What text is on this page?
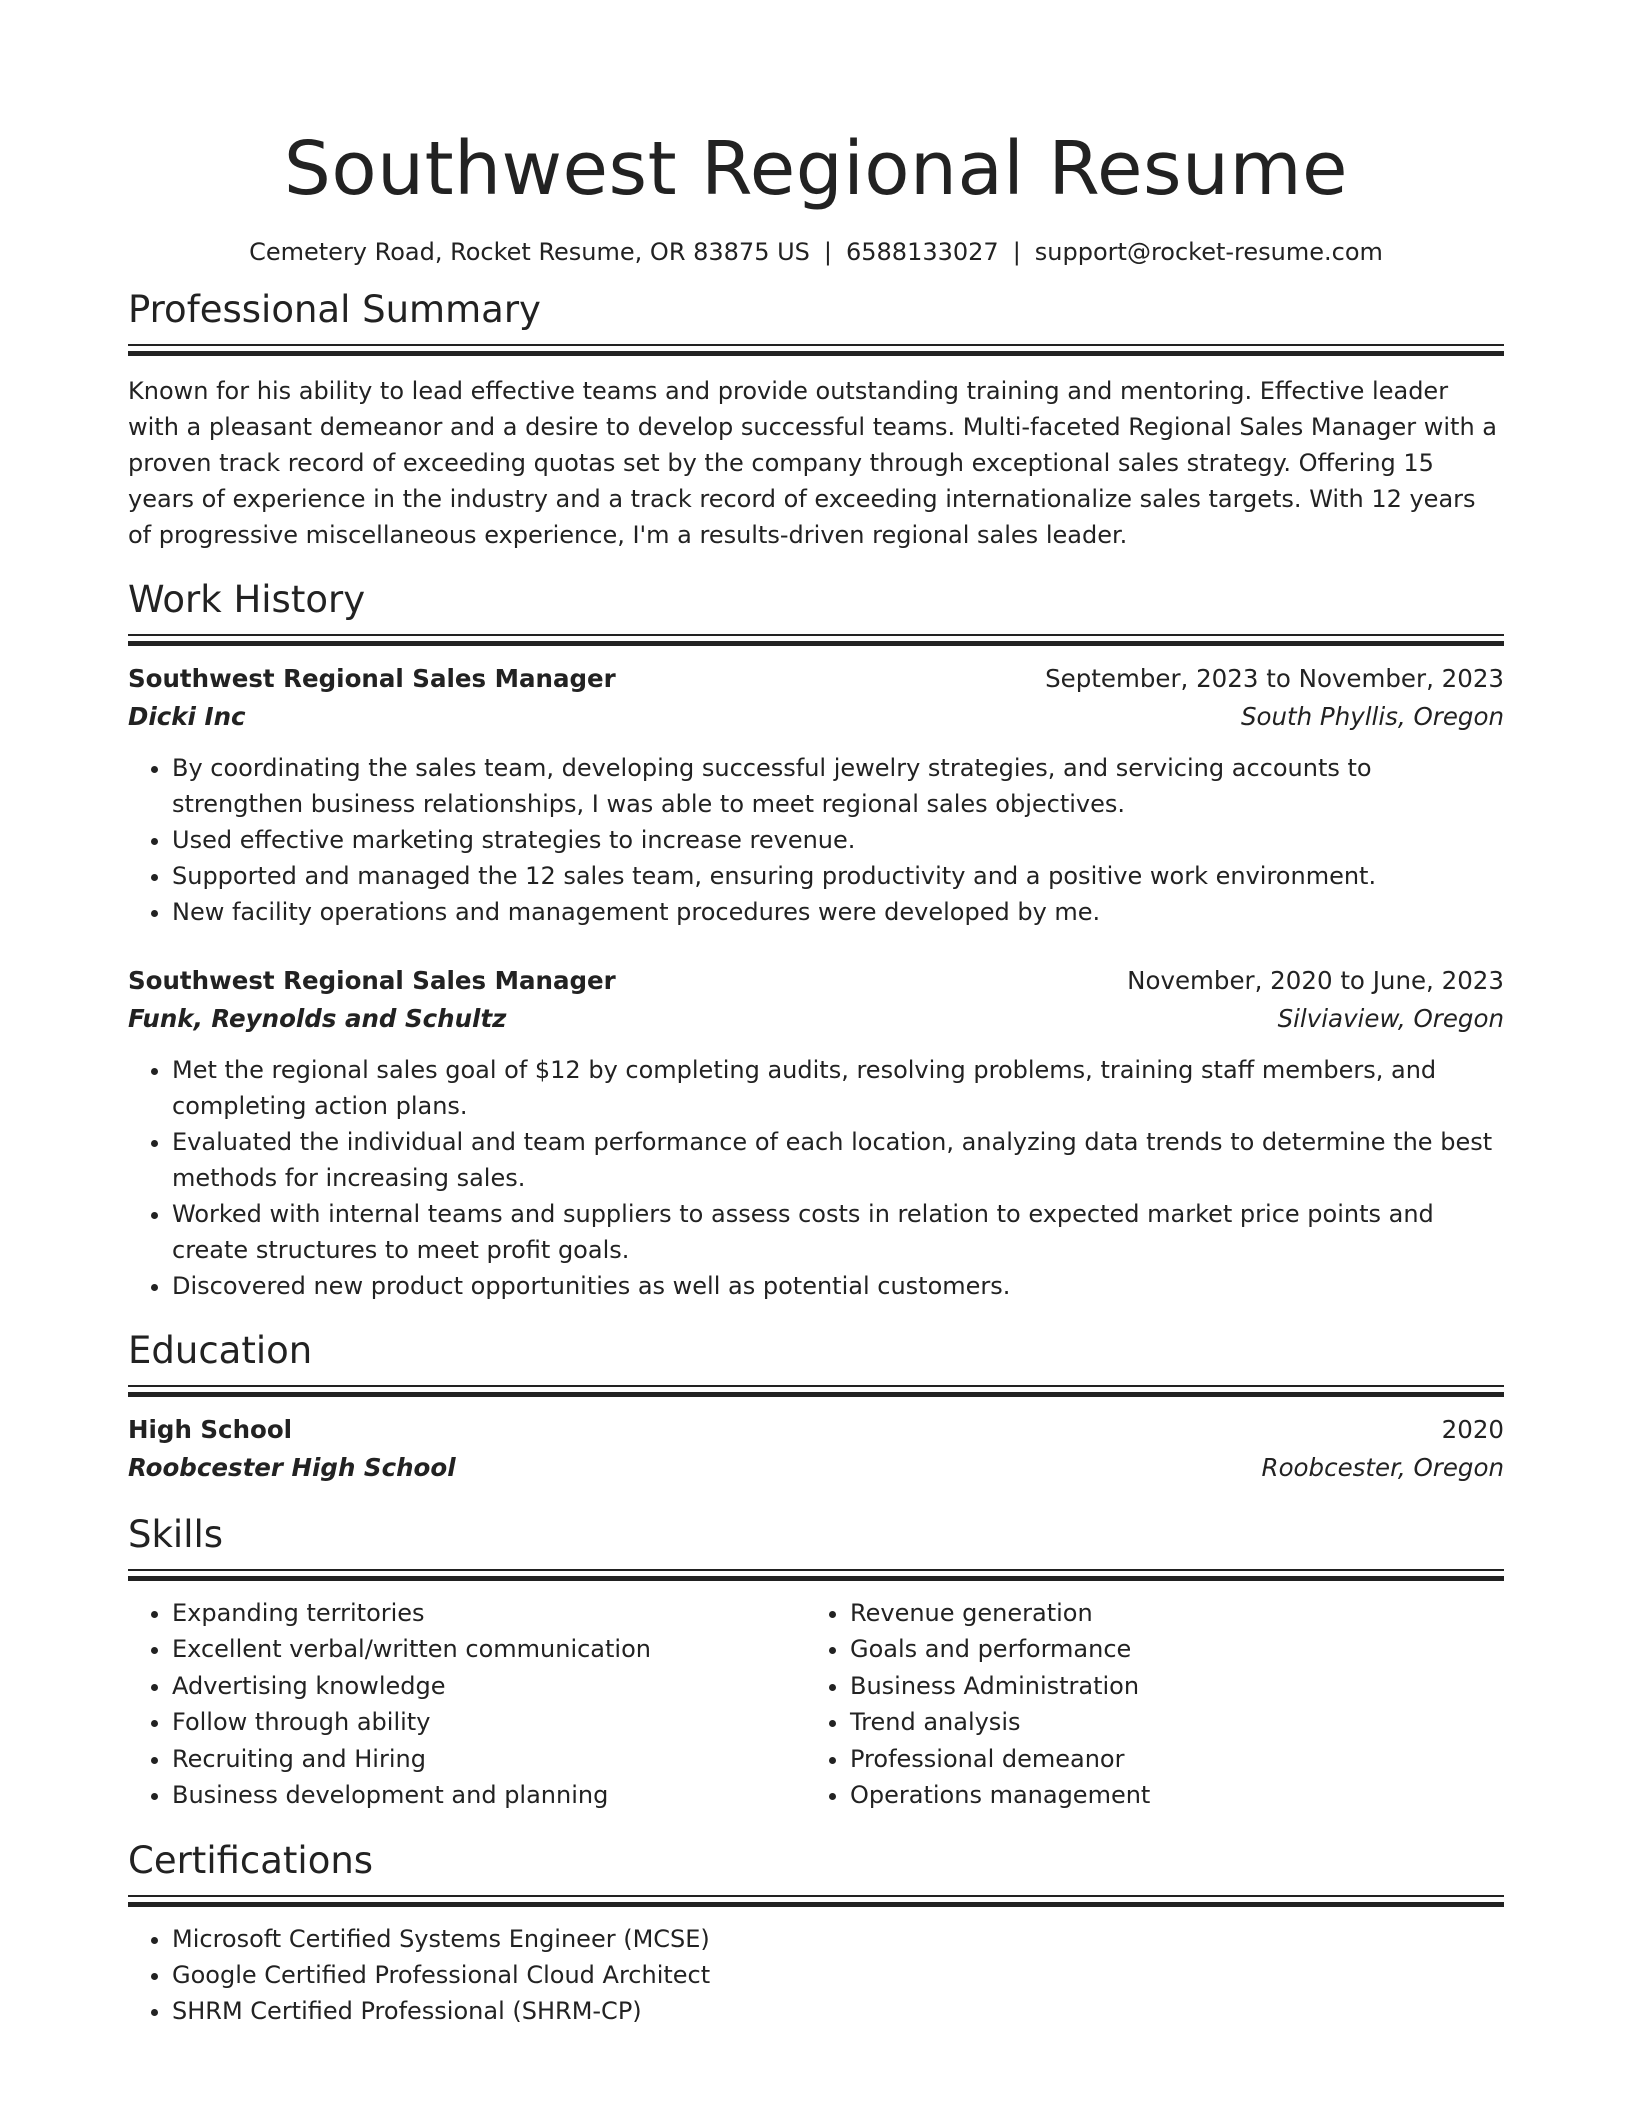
Southwest Regional Resume
Cemetery Road, Rocket Resume, OR 83875 US | 6588133027 | support@rocket-resume.com
Professional Summary
Known for his ability to lead effective teams and provide outstanding training and mentoring. Effective leader with a pleasant demeanor and a desire to develop successful teams. Multi-faceted Regional Sales Manager with a proven track record of exceeding quotas set by the company through exceptional sales strategy. Offering 15 years of experience in the industry and a track record of exceeding internationalize sales targets. With 12 years of progressive miscellaneous experience, I'm a results-driven regional sales leader.
Work History
Southwest Regional Sales Manager	September, 2023 to November, 2023
Dicki Inc	South Phyllis, Oregon
• By coordinating the sales team, developing successful jewelry strategies, and servicing accounts to strengthen business relationships, I was able to meet regional sales objectives.
• Used effective marketing strategies to increase revenue.
• Supported and managed the 12 sales team, ensuring productivity and a positive work environment.
• New facility operations and management procedures were developed by me.
Southwest Regional Sales Manager	November, 2020 to June, 2023
Funk, Reynolds and Schultz	Silviaview, Oregon
• Met the regional sales goal of $12 by completing audits, resolving problems, training staff members, and completing action plans.
• Evaluated the individual and team performance of each location, analyzing data trends to determine the best methods for increasing sales.
• Worked with internal teams and suppliers to assess costs in relation to expected market price points and create structures to meet profit goals.
• Discovered new product opportunities as well as potential customers.
Education
High School	2020
Roobcester High School	Roobcester, Oregon
Skills
• Expanding territories
• Excellent verbal/written communication
• Advertising knowledge
• Follow through ability
• Recruiting and Hiring
• Business development and planning
• Revenue generation
• Goals and performance
• Business Administration
• Trend analysis
• Professional demeanor
• Operations management
Certifications
• Microsoft Certified Systems Engineer (MCSE)
• Google Certified Professional Cloud Architect
• SHRM Certified Professional (SHRM-CP)
